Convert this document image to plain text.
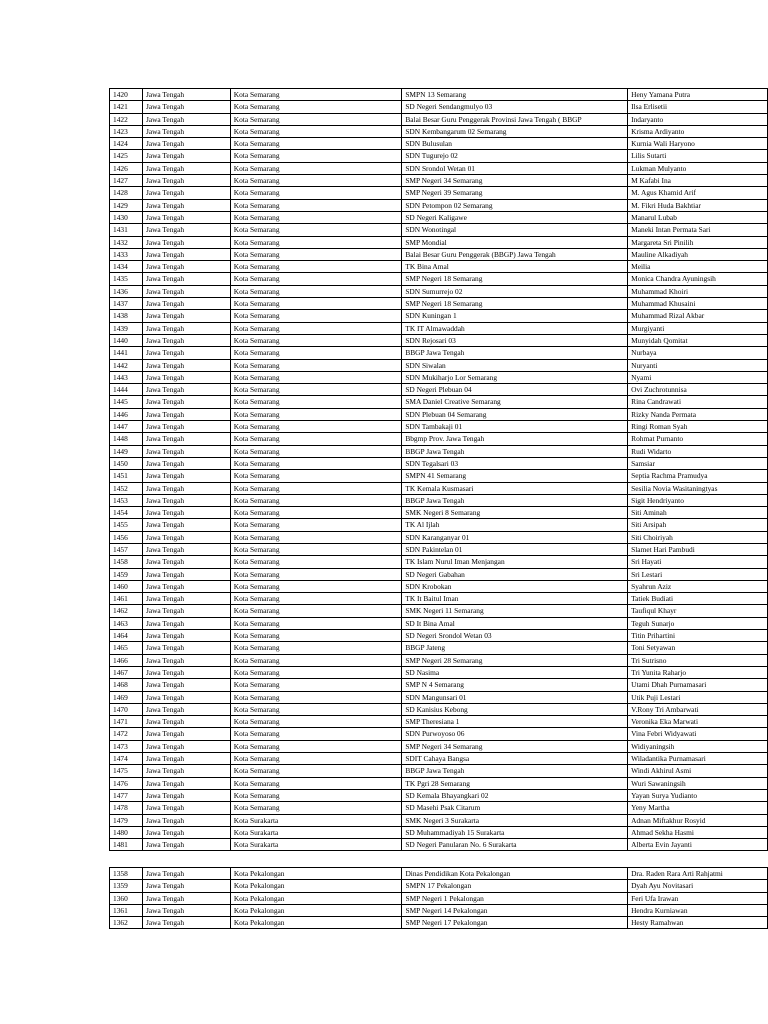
1420	Jawa Tengah	Kota Semarang	SMPN 13 Semarang	Heny Yamana Putra
1421	Jawa Tengah	Kota Semarang	SD Negeri Sendangmulyo 03	Ilsa Erlisetii
1422	Jawa Tengah	Kota Semarang	Balai Besar Guru Penggerak Provinsi Jawa Tengah ( BBGP	Indaryanto
1423	Jawa Tengah	Kota Semarang	SDN Kembangarum 02 Semarang	Krisma Ardiyanto
1424	Jawa Tengah	Kota Semarang	SDN Bulusulan	Kurnia Wali Haryono
1425	Jawa Tengah	Kota Semarang	SDN Tugurejo 02	Lilis Sutarti
1426	Jawa Tengah	Kota Semarang	SDN Srondol Wetan 01	Lukman Mulyanto
1427	Jawa Tengah	Kota Semarang	SMP Negeri 34 Semarang	M Kafabi Ina
1428	Jawa Tengah	Kota Semarang	SMP Negeri 39 Semarang	M. Agus Khamid Arif
1429	Jawa Tengah	Kota Semarang	SDN Petompon 02 Semarang	M. Fikri Huda Bakhtiar
1430	Jawa Tengah	Kota Semarang	SD Negeri Kaligawe	Manarul Lubab
1431	Jawa Tengah	Kota Semarang	SDN Wonotingal	Maneki Intan Permata Sari
1432	Jawa Tengah	Kota Semarang	SMP Mondial	Margareta Sri Pinilih
1433	Jawa Tengah	Kota Semarang	Balai Besar Guru Penggerak (BBGP) Jawa Tengah	Mauline Alkadiyah
1434	Jawa Tengah	Kota Semarang	TK Bina Amal	Meilia
1435	Jawa Tengah	Kota Semarang	SMP Negeri 18 Semarang	Monica Chandra Ayuningsih
1436	Jawa Tengah	Kota Semarang	SDN Sumurrejo 02	Muhammad Khoiri
1437	Jawa Tengah	Kota Semarang	SMP Negeri 18 Semarang	Muhammad Khusaini
1438	Jawa Tengah	Kota Semarang	SDN Kuningan 1	Muhammad Rizal Akbar
1439	Jawa Tengah	Kota Semarang	TK IT Almawaddah	Murgiyanti
1440	Jawa Tengah	Kota Semarang	SDN Rejosari 03	Munyidah Qomitat
1441	Jawa Tengah	Kota Semarang	BBGP Jawa Tengah	Nurbaya
1442	Jawa Tengah	Kota Semarang	SDN Siwalan	Nuryanti
1443	Jawa Tengah	Kota Semarang	SDN Mukiharjo Lor Semarang	Nyami
1444	Jawa Tengah	Kota Semarang	SD Negeri Plebuan 04	Ovi Zuchrotunnisa
1445	Jawa Tengah	Kota Semarang	SMA Daniel Creative Semarang	Rina Candrawati
1446	Jawa Tengah	Kota Semarang	SDN Plebuan 04 Semarang	Rizky Nanda Permata
1447	Jawa Tengah	Kota Semarang	SDN Tambakaji 01	Ringi Roman Syah
1448	Jawa Tengah	Kota Semarang	Bbgmp Prov. Jawa Tengah	Rohmat Purnanto
1449	Jawa Tengah	Kota Semarang	BBGP Jawa Tengah	Rudi Widarto
1450	Jawa Tengah	Kota Semarang	SDN Tegalsari 03	Samsiar
1451	Jawa Tengah	Kota Semarang	SMPN 41 Semarang	Septia Rachma Pramudya
1452	Jawa Tengah	Kota Semarang	TK Kemala Kusmasari	Sesilia Novia Wasitaningtyas
1453	Jawa Tengah	Kota Semarang	BBGP Jawa Tengah	Sigit Hendriyanto
1454	Jawa Tengah	Kota Semarang	SMK Negeri 8 Semarang	Siti Aminah
1455	Jawa Tengah	Kota Semarang	TK Al Ijlah	Siti Arsipah
1456	Jawa Tengah	Kota Semarang	SDN Karanganyar 01	Siti Choiriyah
1457	Jawa Tengah	Kota Semarang	SDN Pakintelan 01	Slamet Hari Pambudi
1458	Jawa Tengah	Kota Semarang	TK Islam Nurul Iman Menjangan	Sri Hayati
1459	Jawa Tengah	Kota Semarang	SD Negeri Gabahan	Sri Lestari
1460	Jawa Tengah	Kota Semarang	SDN Krobokan	Syahrun Aziz
1461	Jawa Tengah	Kota Semarang	TK It Baitul Iman	Tatiek Budiati
1462	Jawa Tengah	Kota Semarang	SMK Negeri 11 Semarang	Taufiqul Khayr
1463	Jawa Tengah	Kota Semarang	SD It Bina Amal	Teguh Sunarjo
1464	Jawa Tengah	Kota Semarang	SD Negeri Srondol Wetan 03	Titin Prihartini
1465	Jawa Tengah	Kota Semarang	BBGP Jateng	Toni Setyawan
1466	Jawa Tengah	Kota Semarang	SMP Negeri 28 Semarang	Tri Sutrisno
1467	Jawa Tengah	Kota Semarang	SD Nasima	Tri Yunita Raharjo
1468	Jawa Tengah	Kota Semarang	SMP N 4 Semarang	Utami Dhah Purnamasari
1469	Jawa Tengah	Kota Semarang	SDN Mangunsari 01	Utik Puji Lestari
1470	Jawa Tengah	Kota Semarang	SD Kanisius Kebong	V.Rony Tri Ambarwati
1471	Jawa Tengah	Kota Semarang	SMP Theresiana 1	Veronika Eka Marwati
1472	Jawa Tengah	Kota Semarang	SDN Purwoyoso 06	Vina Febri Widyawati
1473	Jawa Tengah	Kota Semarang	SMP Negeri 34 Semarang	Widiyaningsih
1474	Jawa Tengah	Kota Semarang	SDIT Cahaya Bangsa	Wiladantika Purnamasari
1475	Jawa Tengah	Kota Semarang	BBGP Jawa Tengah	Windi Akhirul Asmi
1476	Jawa Tengah	Kota Semarang	TK Pgri 28 Semarang	Wuri Sawaningsih
1477	Jawa Tengah	Kota Semarang	SD Kemala Bhayangkari 02	Yayan Surya Yudianto
1478	Jawa Tengah	Kota Semarang	SD Masehi Psak Citarum	Yeny Martha
1479	Jawa Tengah	Kota Surakarta	SMK Negeri 3 Surakarta	Adnan Miftakhur Rosyid
1480	Jawa Tengah	Kota Surakarta	SD Muhammadiyah 15 Surakarta	Ahmad Sekha Hasmi
1481	Jawa Tengah	Kota Surakarta	SD Negeri Panularan No. 6 Surakarta	Alberta Evin Jayanti
1358	Jawa Tengah	Kota Pekalongan	Dinas Pendidikan Kota Pekalongan	Dra. Raden Rara Arti Rahjatmi
1359	Jawa Tengah	Kota Pekalongan	SMPN 17 Pekalongan	Dyah Ayu Novitasari
1360	Jawa Tengah	Kota Pekalongan	SMP Negeri 1 Pekalongan	Feri Ufa Irawan
1361	Jawa Tengah	Kota Pekalongan	SMP Negeri 14 Pekalongan	Hendra Kurniawan
1362	Jawa Tengah	Kota Pekalongan	SMP Negeri 17 Pekalongan	Hesty Ramahwan
